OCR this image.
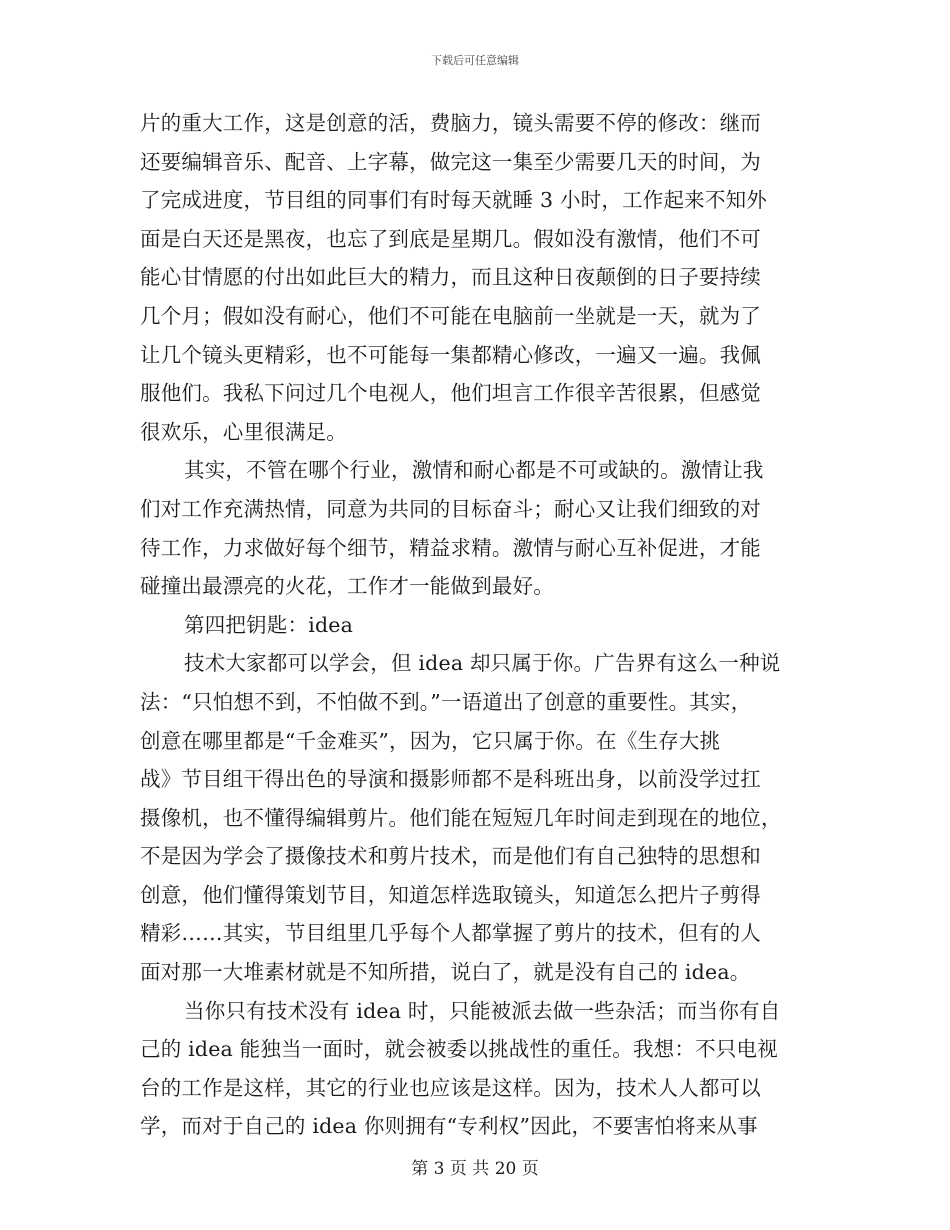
下载后可任意编辑
片的重大工作，这是创意的活，费脑力，镜头需要不停的修改：继而
还要编辑音乐、配音、上字幕，做完这一集至少需要几天的时间，为
了完成进度，节目组的同事们有时每天就睡 3 小时，工作起来不知外
面是白天还是黑夜，也忘了到底是星期几。假如没有激情，他们不可
能心甘情愿的付出如此巨大的精力，而且这种日夜颠倒的日子要持续
几个月；假如没有耐心，他们不可能在电脑前一坐就是一天，就为了
让几个镜头更精彩，也不可能每一集都精心修改，一遍又一遍。我佩
服他们。我私下问过几个电视人，他们坦言工作很辛苦很累，但感觉
很欢乐，心里很满足。
其实，不管在哪个行业，激情和耐心都是不可或缺的。激情让我
们对工作充满热情，同意为共同的目标奋斗；耐心又让我们细致的对
待工作，力求做好每个细节，精益求精。激情与耐心互补促进，才能
碰撞出最漂亮的火花，工作才一能做到最好。
第四把钥匙：idea
技术大家都可以学会，但 idea 却只属于你。广告界有这么一种说
法：“只怕想不到，不怕做不到。”一语道出了创意的重要性。其实，
创意在哪里都是“千金难买”，因为，它只属于你。在《生存大挑
战》节目组干得出色的导演和摄影师都不是科班出身，以前没学过扛
摄像机，也不懂得编辑剪片。他们能在短短几年时间走到现在的地位，
不是因为学会了摄像技术和剪片技术，而是他们有自己独特的思想和
创意，他们懂得策划节目，知道怎样选取镜头，知道怎么把片子剪得
精彩……其实，节目组里几乎每个人都掌握了剪片的技术，但有的人
面对那一大堆素材就是不知所措，说白了，就是没有自己的 idea。
当你只有技术没有 idea 时，只能被派去做一些杂活；而当你有自
己的 idea 能独当一面时，就会被委以挑战性的重任。我想：不只电视
台的工作是这样，其它的行业也应该是这样。因为，技术人人都可以
学，而对于自己的 idea 你则拥有“专利权”因此，不要害怕将来从事
第 3 页 共 20 页
